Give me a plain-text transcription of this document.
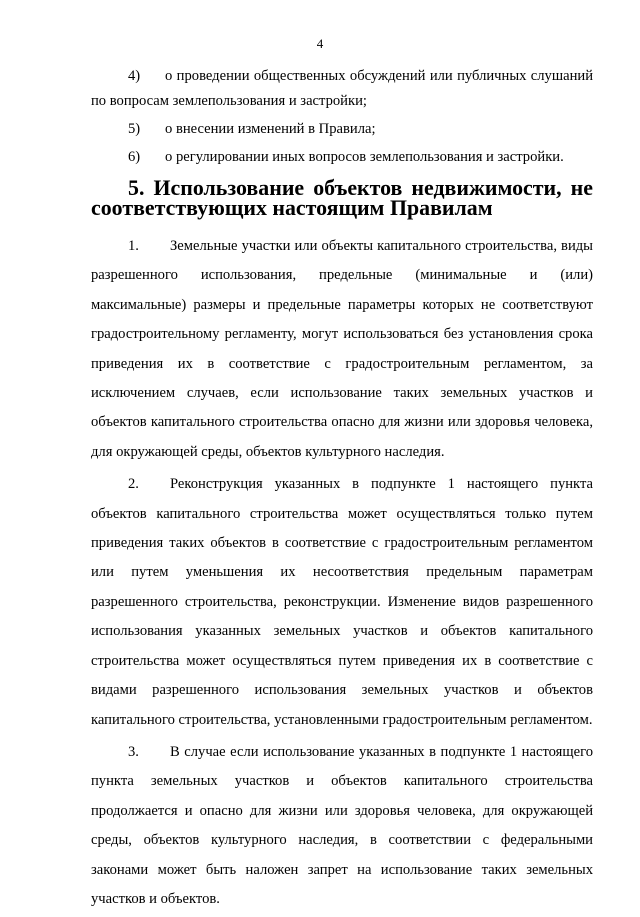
4

4) о проведении общественных обсуждений или публичных слушаний по вопросам землепользования и застройки;

5) о внесении изменений в Правила;

6) о регулировании иных вопросов землепользования и застройки.

5. Использование объектов недвижимости, не соответствующих настоящим Правилам

1. Земельные участки или объекты капитального строительства, виды разрешенного использования, предельные (минимальные и (или) максимальные) размеры и предельные параметры которых не соответствуют градостроительному регламенту, могут использоваться без установления срока приведения их в соответствие с градостроительным регламентом, за исключением случаев, если использование таких земельных участков и объектов капитального строительства опасно для жизни или здоровья человека, для окружающей среды, объектов культурного наследия.

2. Реконструкция указанных в подпункте 1 настоящего пункта объектов капитального строительства может осуществляться только путем приведения таких объектов в соответствие с градостроительным регламентом или путем уменьшения их несоответствия предельным параметрам разрешенного строительства, реконструкции. Изменение видов разрешенного использования указанных земельных участков и объектов капитального строительства может осуществляться путем приведения их в соответствие с видами разрешенного использования земельных участков и объектов капитального строительства, установленными градостроительным регламентом.

3. В случае если использование указанных в подпункте 1 настоящего пункта земельных участков и объектов капитального строительства продолжается и опасно для жизни или здоровья человека, для окружающей среды, объектов культурного наследия, в соответствии с федеральными законами может быть наложен запрет на использование таких земельных участков и объектов.
